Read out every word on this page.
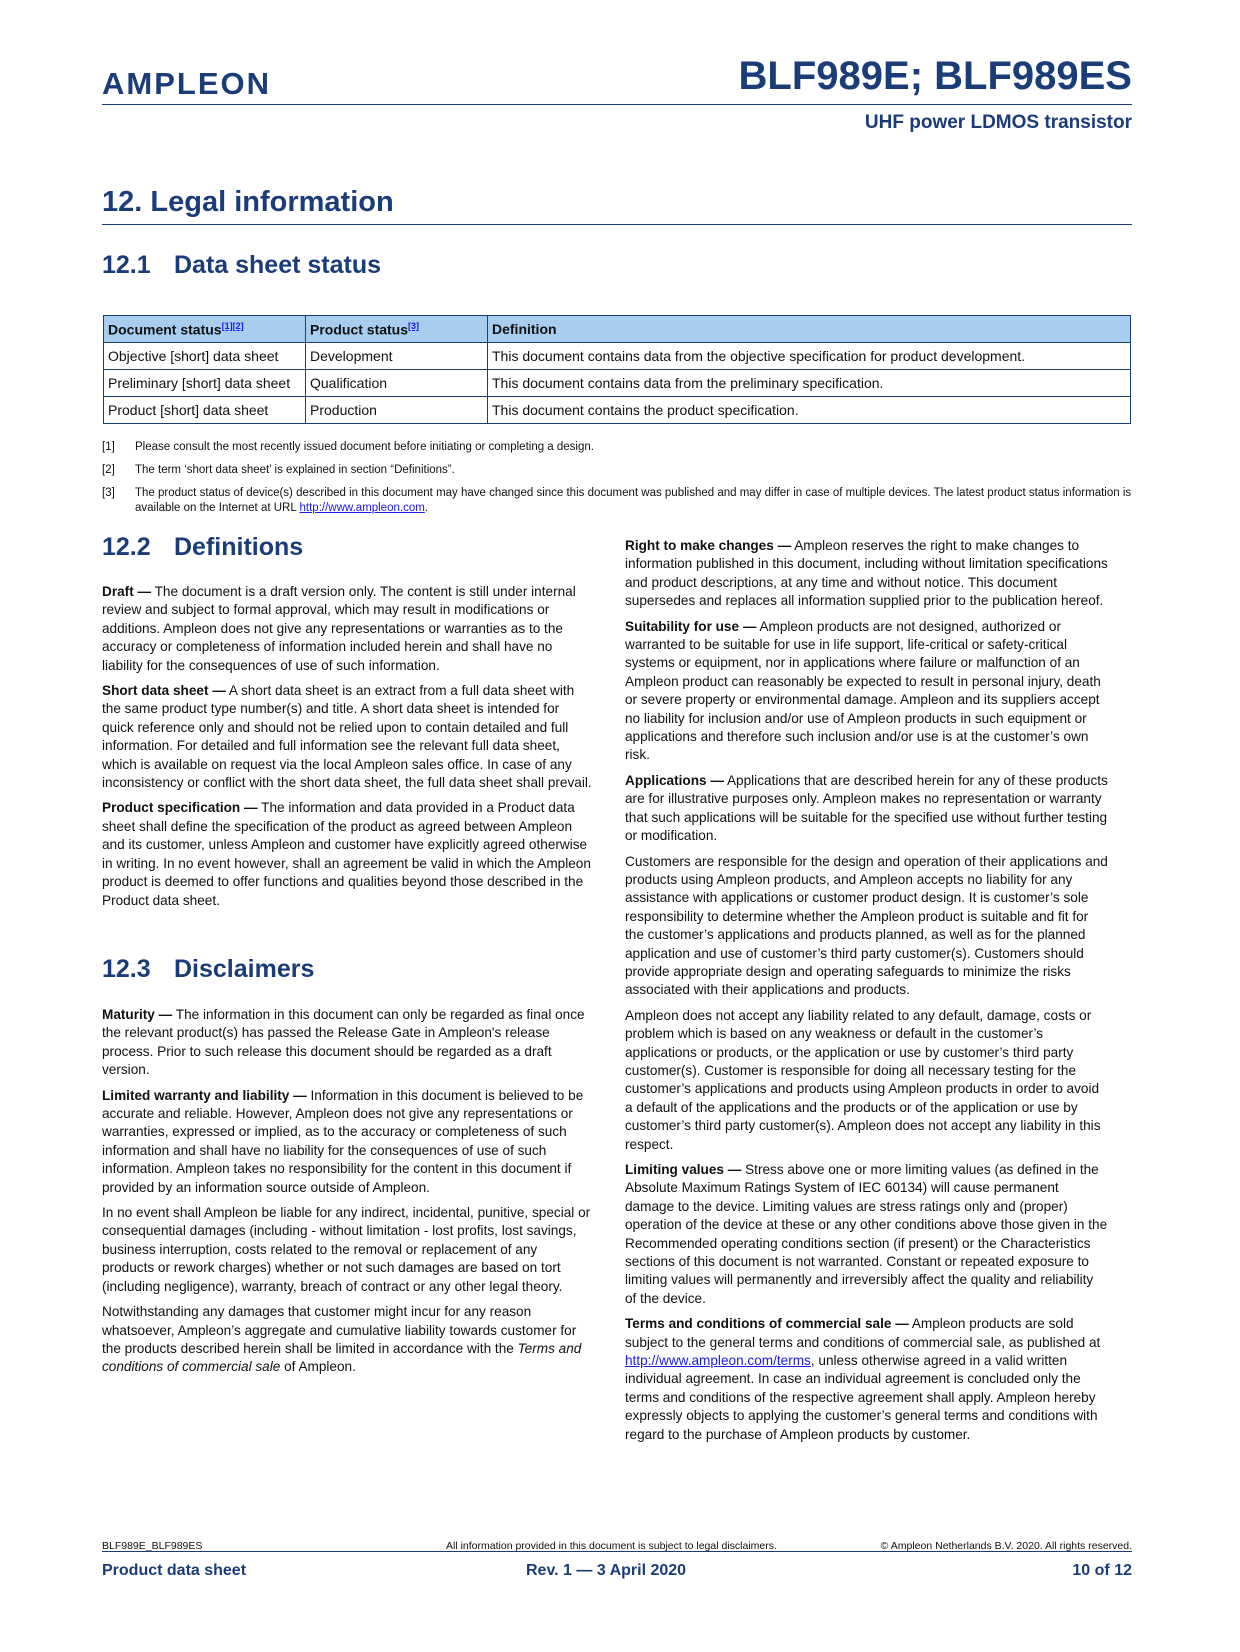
AMPLEON	BLF989E; BLF989ES
UHF power LDMOS transistor
12. Legal information
12.1 Data sheet status
Document status[1][2]	Product status[3]	Definition
Objective [short] data sheet	Development	This document contains data from the objective specification for product development.
Preliminary [short] data sheet	Qualification	This document contains data from the preliminary specification.
Product [short] data sheet	Production	This document contains the product specification.
[1]	Please consult the most recently issued document before initiating or completing a design.
[2]	The term ‘short data sheet’ is explained in section “Definitions”.
[3]	The product status of device(s) described in this document may have changed since this document was published and may differ in case of multiple devices. The latest product status information is available on the Internet at URL http://www.ampleon.com.
12.2 Definitions

Draft — The document is a draft version only. The content is still under internal review and subject to formal approval, which may result in modifications or additions. Ampleon does not give any representations or warranties as to the accuracy or completeness of information included herein and shall have no liability for the consequences of use of such information.

Short data sheet — A short data sheet is an extract from a full data sheet with the same product type number(s) and title. A short data sheet is intended for quick reference only and should not be relied upon to contain detailed and full information. For detailed and full information see the relevant full data sheet, which is available on request via the local Ampleon sales office. In case of any inconsistency or conflict with the short data sheet, the full data sheet shall prevail.

Product specification — The information and data provided in a Product data sheet shall define the specification of the product as agreed between Ampleon and its customer, unless Ampleon and customer have explicitly agreed otherwise in writing. In no event however, shall an agreement be valid in which the Ampleon product is deemed to offer functions and qualities beyond those described in the Product data sheet.

12.3 Disclaimers

Maturity — The information in this document can only be regarded as final once the relevant product(s) has passed the Release Gate in Ampleon's release process. Prior to such release this document should be regarded as a draft version.

Limited warranty and liability — Information in this document is believed to be accurate and reliable. However, Ampleon does not give any representations or warranties, expressed or implied, as to the accuracy or completeness of such information and shall have no liability for the consequences of use of such information. Ampleon takes no responsibility for the content in this document if provided by an information source outside of Ampleon.

In no event shall Ampleon be liable for any indirect, incidental, punitive, special or consequential damages (including - without limitation - lost profits, lost savings, business interruption, costs related to the removal or replacement of any products or rework charges) whether or not such damages are based on tort (including negligence), warranty, breach of contract or any other legal theory.

Notwithstanding any damages that customer might incur for any reason whatsoever, Ampleon’s aggregate and cumulative liability towards customer for the products described herein shall be limited in accordance with the Terms and conditions of commercial sale of Ampleon.

Right to make changes — Ampleon reserves the right to make changes to information published in this document, including without limitation specifications and product descriptions, at any time and without notice. This document supersedes and replaces all information supplied prior to the publication hereof.

Suitability for use — Ampleon products are not designed, authorized or warranted to be suitable for use in life support, life-critical or safety-critical systems or equipment, nor in applications where failure or malfunction of an Ampleon product can reasonably be expected to result in personal injury, death or severe property or environmental damage. Ampleon and its suppliers accept no liability for inclusion and/or use of Ampleon products in such equipment or applications and therefore such inclusion and/or use is at the customer’s own risk.

Applications — Applications that are described herein for any of these products are for illustrative purposes only. Ampleon makes no representation or warranty that such applications will be suitable for the specified use without further testing or modification.

Customers are responsible for the design and operation of their applications and products using Ampleon products, and Ampleon accepts no liability for any assistance with applications or customer product design. It is customer’s sole responsibility to determine whether the Ampleon product is suitable and fit for the customer’s applications and products planned, as well as for the planned application and use of customer’s third party customer(s). Customers should provide appropriate design and operating safeguards to minimize the risks associated with their applications and products.

Ampleon does not accept any liability related to any default, damage, costs or problem which is based on any weakness or default in the customer’s applications or products, or the application or use by customer’s third party customer(s). Customer is responsible for doing all necessary testing for the customer’s applications and products using Ampleon products in order to avoid a default of the applications and the products or of the application or use by customer’s third party customer(s). Ampleon does not accept any liability in this respect.

Limiting values — Stress above one or more limiting values (as defined in the Absolute Maximum Ratings System of IEC 60134) will cause permanent damage to the device. Limiting values are stress ratings only and (proper) operation of the device at these or any other conditions above those given in the Recommended operating conditions section (if present) or the Characteristics sections of this document is not warranted. Constant or repeated exposure to limiting values will permanently and irreversibly affect the quality and reliability of the device.

Terms and conditions of commercial sale — Ampleon products are sold subject to the general terms and conditions of commercial sale, as published at http://www.ampleon.com/terms, unless otherwise agreed in a valid written individual agreement. In case an individual agreement is concluded only the terms and conditions of the respective agreement shall apply. Ampleon hereby expressly objects to applying the customer’s general terms and conditions with regard to the purchase of Ampleon products by customer.

BLF989E_BLF989ES	All information provided in this document is subject to legal disclaimers.	© Ampleon Netherlands B.V. 2020. All rights reserved.
Product data sheet	Rev. 1 — 3 April 2020	10 of 12
